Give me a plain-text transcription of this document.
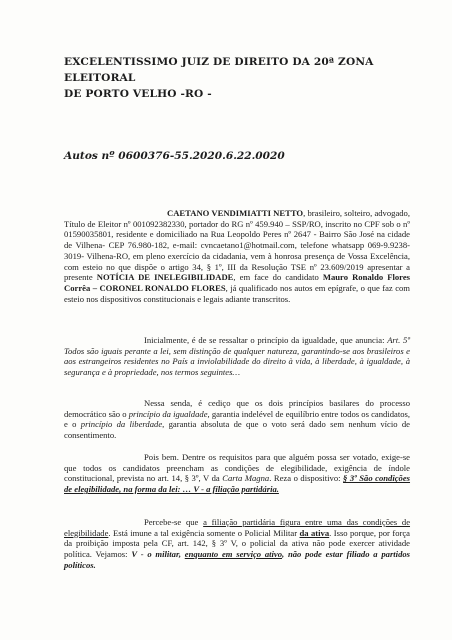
EXCELENTISSIMO JUIZ DE DIREITO DA 20ª ZONA ELEITORAL
DE PORTO VELHO -RO -
Autos nº 0600376-55.2020.6.22.0020
CAETANO VENDIMIATTI NETTO, brasileiro, solteiro, advogado, Título de Eleitor nº 001092382330, portador do RG nº 459.940 – SSP/RO, inscrito no CPF sob o nº 01590035801, residente e domiciliado na Rua Leopoldo Peres nº 2647 - Bairro São José na cidade de Vilhena- CEP 76.980-182, e-mail: cvncaetano1@hotmail.com, telefone whatsapp 069-9.9238-3019- Vilhena-RO, em pleno exercício da cidadania, vem à honrosa presença de Vossa Excelência, com esteio no que dispõe o artigo 34, § 1º, III da Resolução TSE nº 23.609/2019 apresentar a presente NOTÍCIA DE INELEGIBILIDADE, em face do candidato Mauro Ronaldo Flores Corrêa – CORONEL RONALDO FLORES, já qualificado nos autos em epígrafe, o que faz com esteio nos dispositivos constitucionais e legais adiante transcritos.
Inicialmente, é de se ressaltar o princípio da igualdade, que anuncia: Art. 5º Todos são iguais perante a lei, sem distinção de qualquer natureza, garantindo-se aos brasileiros e aos estrangeiros residentes no País a inviolabilidade do direito à vida, à liberdade, à igualdade, à segurança e à propriedade, nos termos seguintes…
Nessa senda, é cediço que os dois princípios basilares do processo democrático são o princípio da igualdade, garantia indelével de equilíbrio entre todos os candidatos, e o princípio da liberdade, garantia absoluta de que o voto será dado sem nenhum vício de consentimento.
Pois bem. Dentre os requisitos para que alguém possa ser votado, exige-se que todos os candidatos preencham as condições de elegibilidade, exigência de índole constitucional, prevista no art. 14, § 3º, V da Carta Magna. Reza o dispositivo: § 3º São condições de elegibilidade, na forma da lei: … V - a filiação partidária.
Percebe-se que a filiação partidária figura entre uma das condições de elegibilidade. Está imune a tal exigência somente o Policial Militar da ativa. Isso porque, por força da proibição imposta pela CF, art. 142, § 3º V, o policial da ativa não pode exercer atividade política. Vejamos: V - o militar, enquanto em serviço ativo, não pode estar filiado a partidos políticos.
